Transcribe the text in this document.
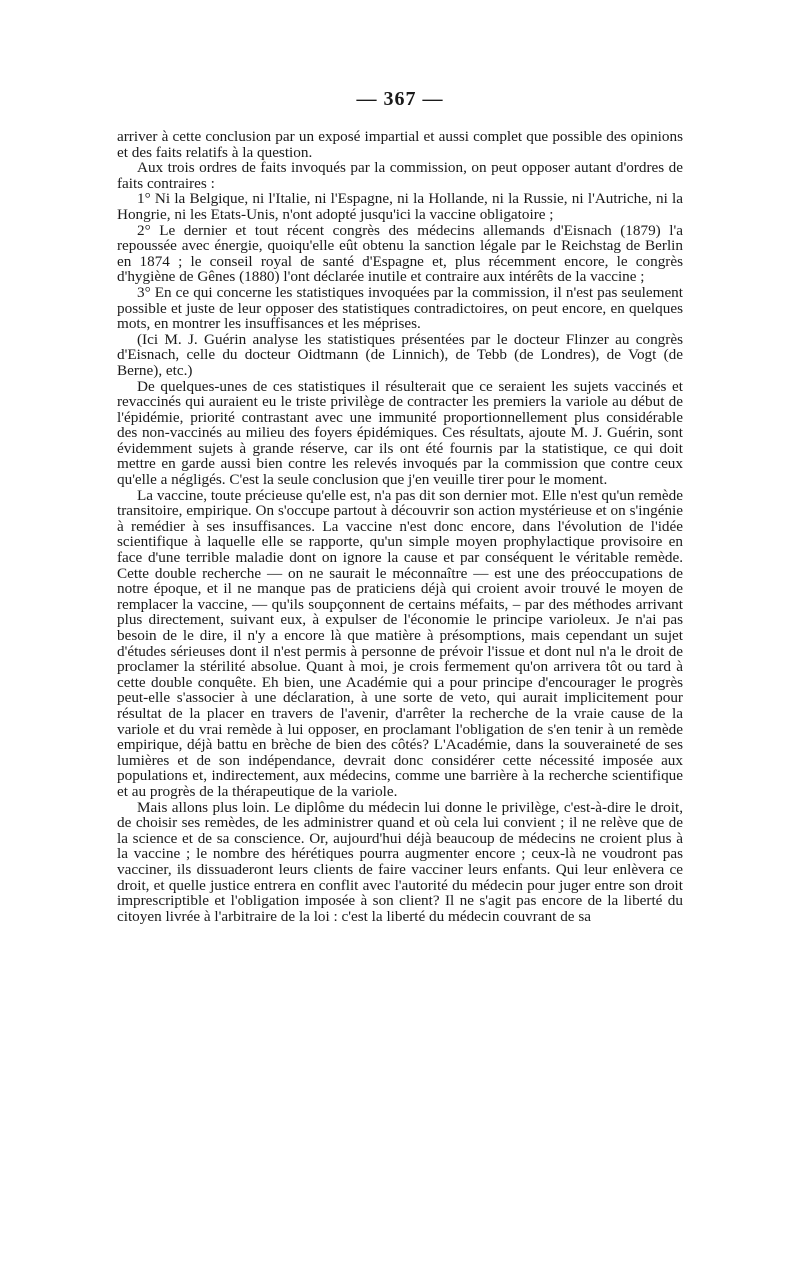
— 367 —

arriver à cette conclusion par un exposé impartial et aussi complet que possible des opinions et des faits relatifs à la question.

Aux trois ordres de faits invoqués par la commission, on peut opposer autant d'ordres de faits contraires :

1° Ni la Belgique, ni l'Italie, ni l'Espagne, ni la Hollande, ni la Russie, ni l'Autriche, ni la Hongrie, ni les Etats-Unis, n'ont adopté jusqu'ici la vaccine obligatoire ;

2° Le dernier et tout récent congrès des médecins allemands d'Eisnach (1879) l'a repoussée avec énergie, quoiqu'elle eût obtenu la sanction légale par le Reichstag de Berlin en 1874 ; le conseil royal de santé d'Espagne et, plus récemment encore, le congrès d'hygiène de Gênes (1880) l'ont déclarée inutile et contraire aux intérêts de la vaccine ;

3° En ce qui concerne les statistiques invoquées par la commission, il n'est pas seulement possible et juste de leur opposer des statistiques contradictoires, on peut encore, en quelques mots, en montrer les insuffisances et les méprises.

(Ici M. J. Guérin analyse les statistiques présentées par le docteur Flinzer au congrès d'Eisnach, celle du docteur Oidtmann (de Linnich), de Tebb (de Londres), de Vogt (de Berne), etc.)

De quelques-unes de ces statistiques il résulterait que ce seraient les sujets vaccinés et revaccinés qui auraient eu le triste privilège de contracter les premiers la variole au début de l'épidémie, priorité contrastant avec une immunité proportionnellement plus considérable des non-vaccinés au milieu des foyers épidémiques. Ces résultats, ajoute M. J. Guérin, sont évidemment sujets à grande réserve, car ils ont été fournis par la statistique, ce qui doit mettre en garde aussi bien contre les relevés invoqués par la commission que contre ceux qu'elle a négligés. C'est la seule conclusion que j'en veuille tirer pour le moment.

La vaccine, toute précieuse qu'elle est, n'a pas dit son dernier mot. Elle n'est qu'un remède transitoire, empirique. On s'occupe partout à découvrir son action mystérieuse et on s'ingénie à remédier à ses insuffisances. La vaccine n'est donc encore, dans l'évolution de l'idée scientifique à laquelle elle se rapporte, qu'un simple moyen prophylactique provisoire en face d'une terrible maladie dont on ignore la cause et par conséquent le véritable remède. Cette double recherche — on ne saurait le méconnaître — est une des préoccupations de notre époque, et il ne manque pas de praticiens déjà qui croient avoir trouvé le moyen de remplacer la vaccine, — qu'ils soupçonnent de certains méfaits, – par des méthodes arrivant plus directement, suivant eux, à expulser de l'économie le principe varioleux. Je n'ai pas besoin de le dire, il n'y a encore là que matière à présomptions, mais cependant un sujet d'études sérieuses dont il n'est permis à personne de prévoir l'issue et dont nul n'a le droit de proclamer la stérilité absolue. Quant à moi, je crois fermement qu'on arrivera tôt ou tard à cette double conquête. Eh bien, une Académie qui a pour principe d'encourager le progrès peut-elle s'associer à une déclaration, à une sorte de veto, qui aurait implicitement pour résultat de la placer en travers de l'avenir, d'arrêter la recherche de la vraie cause de la variole et du vrai remède à lui opposer, en proclamant l'obligation de s'en tenir à un remède empirique, déjà battu en brèche de bien des côtés? L'Académie, dans la souveraineté de ses lumières et de son indépendance, devrait donc considérer cette nécessité imposée aux populations et, indirectement, aux médecins, comme une barrière à la recherche scientifique et au progrès de la thérapeutique de la variole.

Mais allons plus loin. Le diplôme du médecin lui donne le privilège, c'est-à-dire le droit, de choisir ses remèdes, de les administrer quand et où cela lui convient ; il ne relève que de la science et de sa conscience. Or, aujourd'hui déjà beaucoup de médecins ne croient plus à la vaccine ; le nombre des hérétiques pourra augmenter encore ; ceux-là ne voudront pas vacciner, ils dissuaderont leurs clients de faire vacciner leurs enfants. Qui leur enlèvera ce droit, et quelle justice entrera en conflit avec l'autorité du médecin pour juger entre son droit imprescriptible et l'obligation imposée à son client? Il ne s'agit pas encore de la liberté du citoyen livrée à l'arbitraire de la loi : c'est la liberté du médecin couvrant de sa
